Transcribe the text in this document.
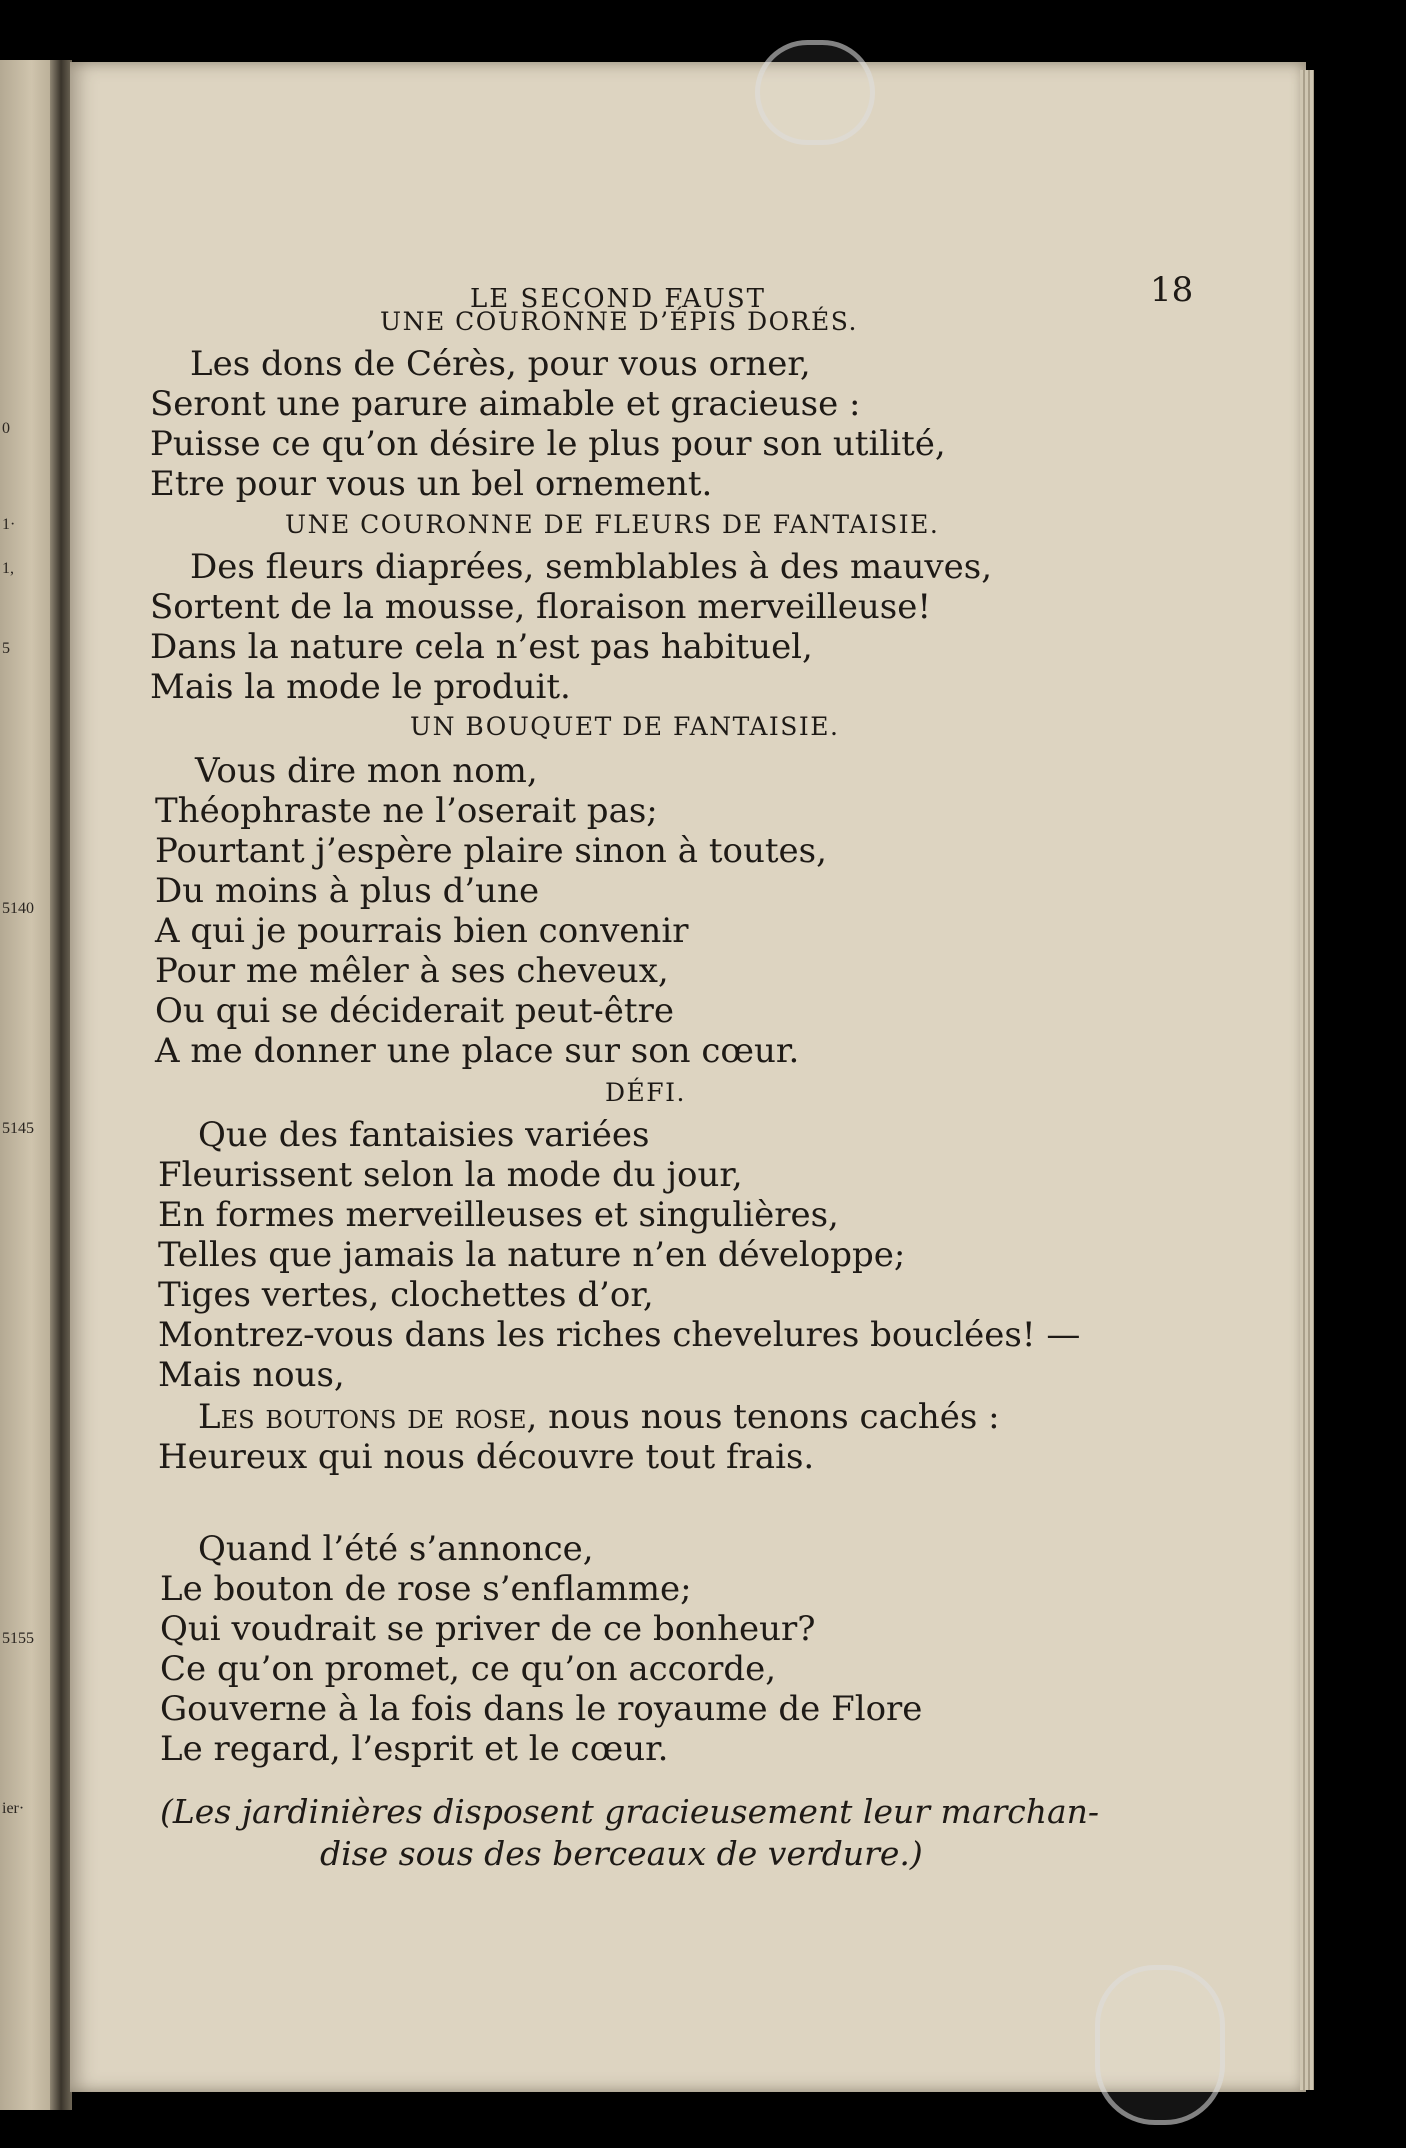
0
1·
1,
5
5140
5145
5155
ier·
LE SECOND FAUST	18
UNE COURONNE D’ÉPIS DORÉS.
Les dons de Cérès, pour vous orner,
Seront une parure aimable et gracieuse :
Puisse ce qu’on désire le plus pour son utilité,
Etre pour vous un bel ornement.
UNE COURONNE DE FLEURS DE FANTAISIE.
Des fleurs diaprées, semblables à des mauves,
Sortent de la mousse, floraison merveilleuse!
Dans la nature cela n’est pas habituel,
Mais la mode le produit.
UN BOUQUET DE FANTAISIE.
Vous dire mon nom,
Théophraste ne l’oserait pas;
Pourtant j’espère plaire sinon à toutes,
Du moins à plus d’une
A qui je pourrais bien convenir
Pour me mêler à ses cheveux,
Ou qui se déciderait peut-être
A me donner une place sur son cœur.
DÉFI.
Que des fantaisies variées
Fleurissent selon la mode du jour,
En formes merveilleuses et singulières,
Telles que jamais la nature n’en développe;
Tiges vertes, clochettes d’or,
Montrez-vous dans les riches chevelures bouclées! —
Mais nous,
Les boutons de rose, nous nous tenons cachés :
Heureux qui nous découvre tout frais.
Quand l’été s’annonce,
Le bouton de rose s’enflamme;
Qui voudrait se priver de ce bonheur?
Ce qu’on promet, ce qu’on accorde,
Gouverne à la fois dans le royaume de Flore
Le regard, l’esprit et le cœur.
(Les jardinières disposent gracieusement leur marchan-
dise sous des berceaux de verdure.)
